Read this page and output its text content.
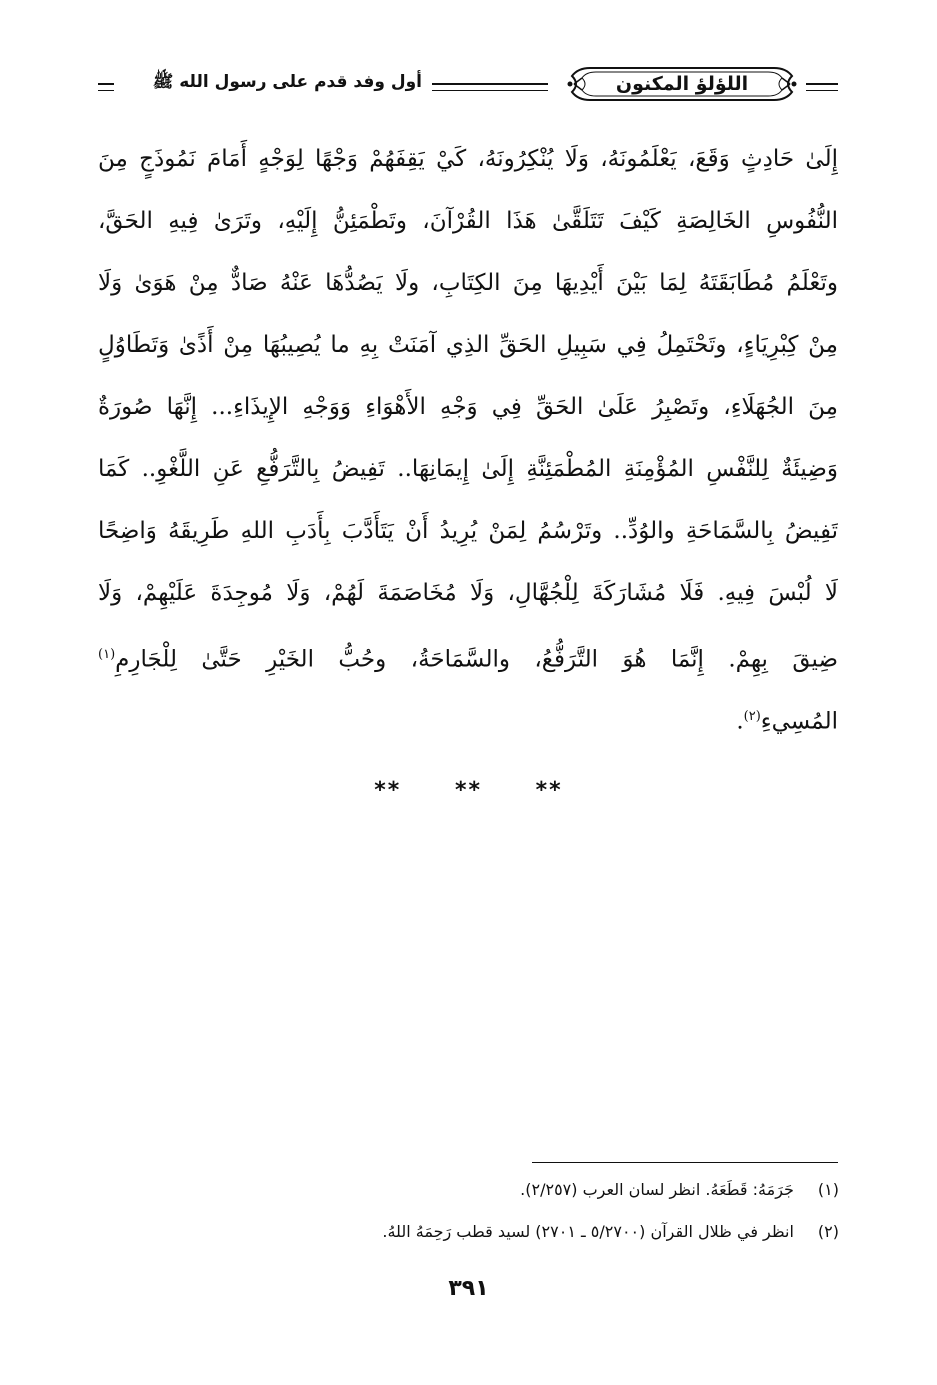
اللؤلؤ المكنون
أول وفد قدم على رسول الله ﷺ
إِلَىٰ حَادِثٍ وَقَعَ، يَعْلَمُونَهُ، وَلَا يُنْكِرُونَهُ، كَيْ يَقِفَهُمْ وَجْهًا لِوَجْهٍ أَمَامَ نَمُوذَجٍ مِنَ
النُّفُوسِ الخَالِصَةِ كَيْفَ تَتَلَقَّىٰ هَذَا القُرْآنَ، وتَطْمَئِنُّ إِلَيْهِ، وتَرَىٰ فِيهِ الحَقَّ،
وتَعْلَمُ مُطَابَقَتَهُ لِمَا بَيْنَ أَيْدِيهَا مِنَ الكِتَابِ، ولَا يَصُدُّهَا عَنْهُ صَادٌّ مِنْ هَوَىٰ وَلَا
مِنْ كِبْرِيَاءٍ، وتَحْتَمِلُ فِي سَبِيلِ الحَقِّ الذِي آمَنَتْ بِهِ ما يُصِيبُهَا مِنْ أَذًىٰ وَتَطَاوُلٍ
مِنَ الجُهَلَاءِ، وتَصْبِرُ عَلَىٰ الحَقِّ فِي وَجْهِ الأَهْوَاءِ وَوَجْهِ الإِيذَاءِ... إِنَّهَا صُورَةٌ
وَضِيئَةٌ لِلنَّفْسِ المُؤْمِنَةِ المُطْمَئِنَّةِ إِلَىٰ إِيمَانِهَا.. تَفِيضُ بِالتَّرَفُّعِ عَنِ اللَّغْوِ.. كَمَا
تَفِيضُ بِالسَّمَاحَةِ والوُدِّ.. وتَرْسُمُ لِمَنْ يُرِيدُ أَنْ يَتَأَدَّبَ بِأَدَبِ اللهِ طَرِيقَهُ وَاضِحًا
لَا لُبْسَ فِيهِ. فَلَا مُشَارَكَةَ لِلْجُهَّالِ، وَلَا مُخَاصَمَةَ لَهُمْ، وَلَا مُوجِدَةَ عَلَيْهِمْ، وَلَا
ضِيقَ بِهِمْ. إِنَّمَا هُوَ التَّرَفُّعُ، والسَّمَاحَةُ، وحُبُّ الخَيْرِ حَتَّىٰ لِلْجَارِمِ$^{(١)}$
المُسِيءِ$^{(٢)}$.
** ** **
(١) جَرَمَهُ: قَطَعَهُ. انظر لسان العرب (٢/٢٥٧).
(٢) انظر في ظلال القرآن (٥/٢٧٠٠ ـ ٢٧٠١) لسيد قطب رَحِمَهُ اللهُ.
٣٩١
